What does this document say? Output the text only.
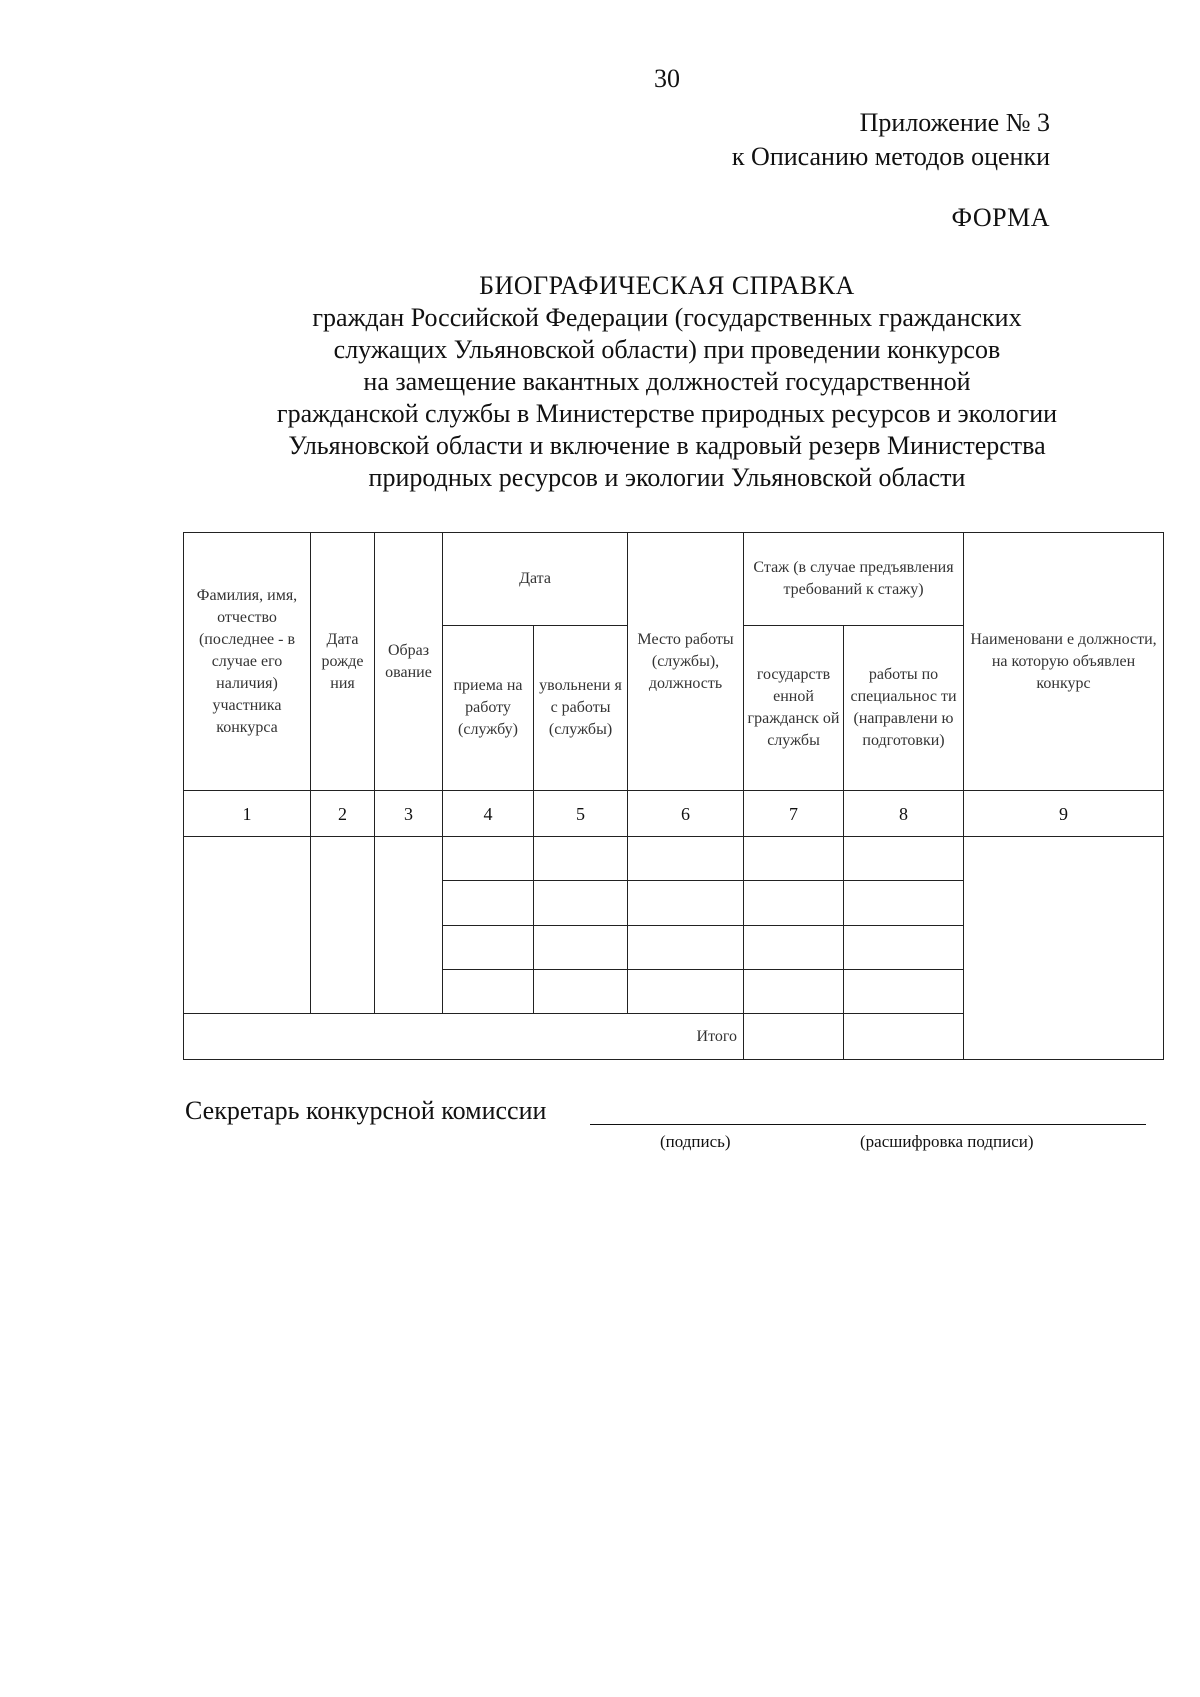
30
Приложение № 3
к Описанию методов оценки
ФОРМА
БИОГРАФИЧЕСКАЯ СПРАВКА
граждан Российской Федерации (государственных гражданских
служащих Ульяновской области) при проведении конкурсов
на замещение вакантных должностей государственной
гражданской службы в Министерстве природных ресурсов и экологии
Ульяновской области и включение в кадровый резерв Министерства
природных ресурсов и экологии Ульяновской области
Фамилия, имя, отчество (последнее - в случае его наличия) участника конкурса	Дата рожде ния	Образ ование	Дата		Место работы (службы), должность	Стаж (в случае предъявления требований к стажу)		Наименовани е должности, на которую объявлен конкурс
			приема на работу (службу)	увольнени я с работы (службы)		государств енной гражданск ой службы	работы по специальнос ти (направлени ю подготовки)	
1	2	3	4	5	6	7	8	9

Итого								
Секретарь конкурсной комиссии
(подпись)	(расшифровка подписи)
